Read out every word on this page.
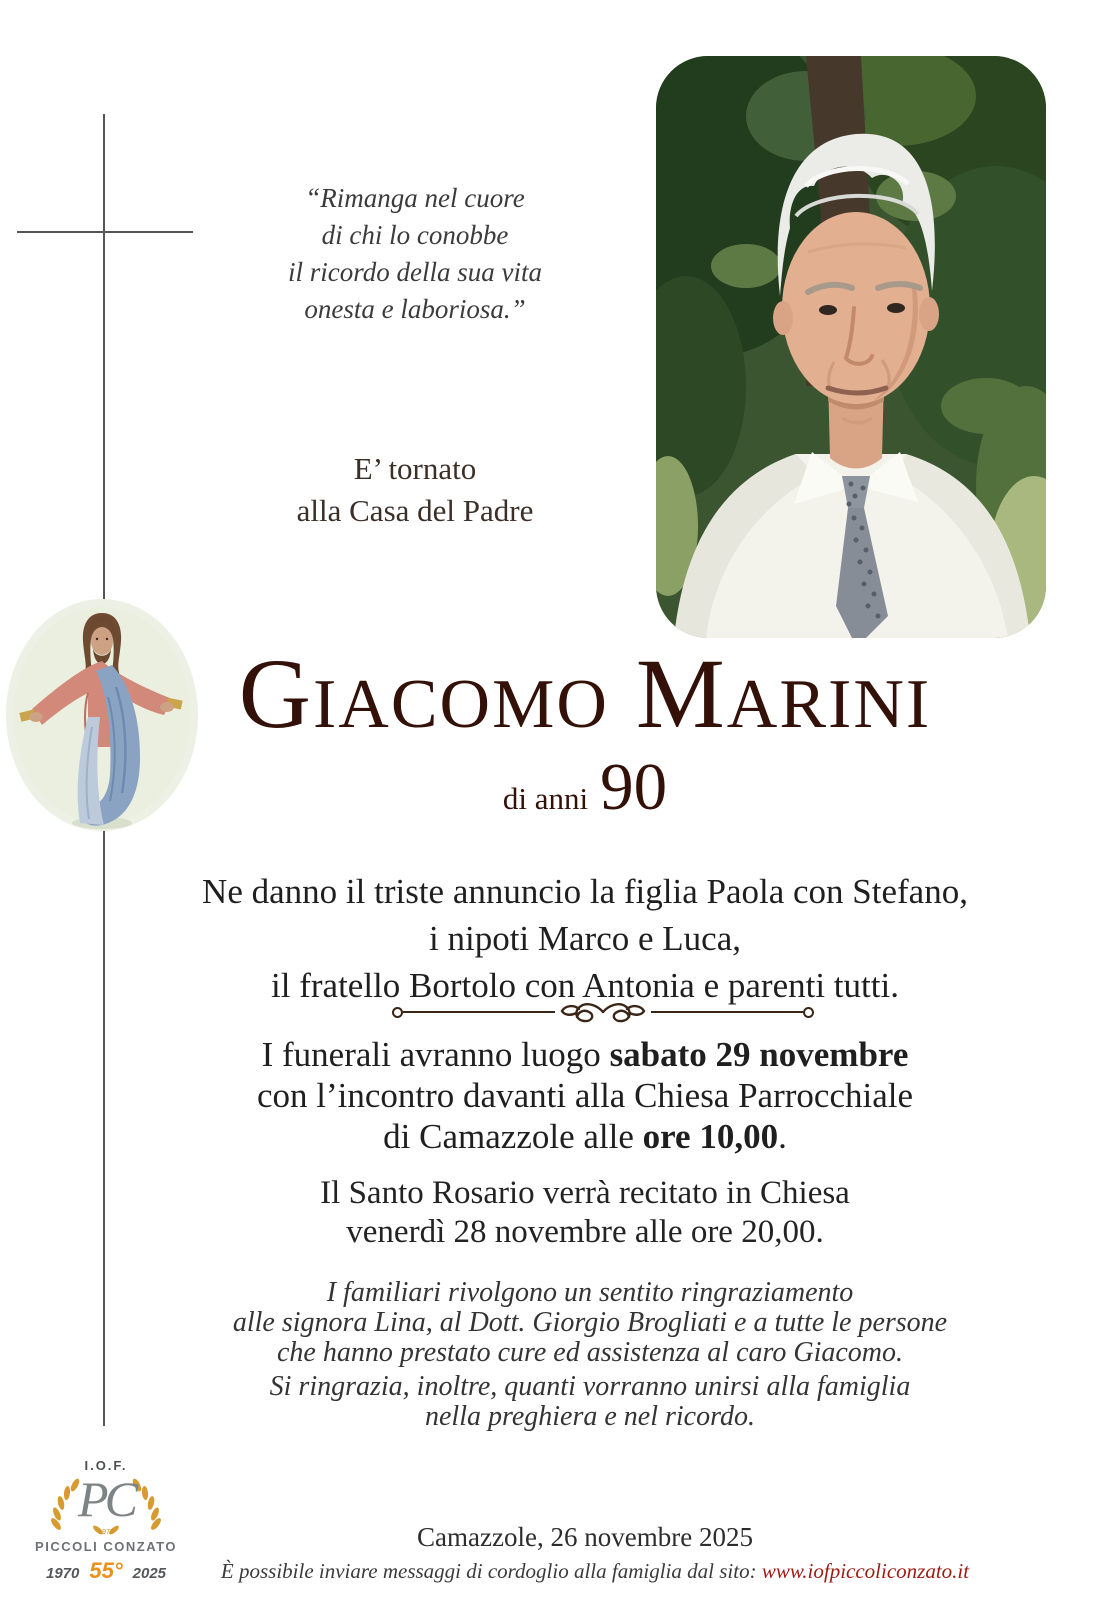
“Rimanga nel cuore
di chi lo conobbe
il ricordo della sua vita
onesta e laboriosa.”
E’ tornato
alla Casa del Padre
Giacomo Marini
di anni 90
Ne danno il triste annuncio la figlia Paola con Stefano,
i nipoti Marco e Luca,
il fratello Bortolo con Antonia e parenti tutti.
I funerali avranno luogo sabato 29 novembre
con l’incontro davanti alla Chiesa Parrocchiale
di Camazzole alle ore 10,00.
Il Santo Rosario verrà recitato in Chiesa
venerdì 28 novembre alle ore 20,00.
I familiari rivolgono un sentito ringraziamento
alle signora Lina, al Dott. Giorgio Brogliati e a tutte le persone
che hanno prestato cure ed assistenza al caro Giacomo.
Si ringrazia, inoltre, quanti vorranno unirsi alla famiglia
nella preghiera e nel ricordo.
I.O.F.
1970
PC
PICCOLI CONZATO
1970 55° 2025
Camazzole, 26 novembre 2025
È possibile inviare messaggi di cordoglio alla famiglia dal sito: www.iofpiccoliconzato.it
